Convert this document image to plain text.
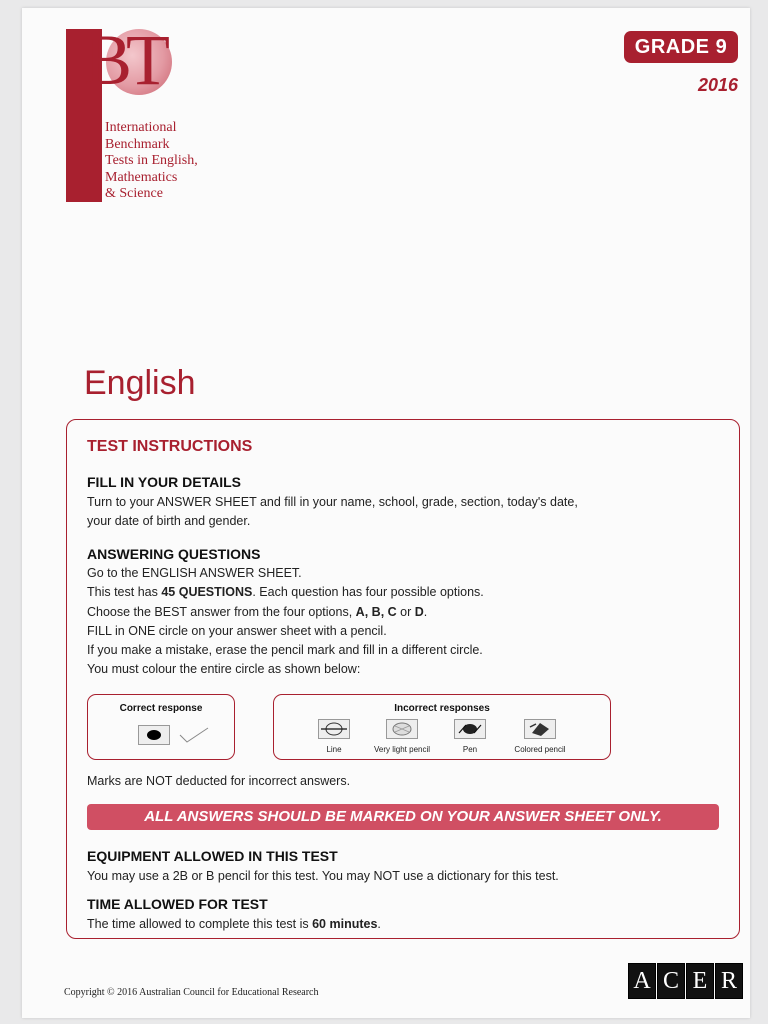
BT
International
Benchmark
Tests in English,
Mathematics
& Science
GRADE 9
2016
English
TEST INSTRUCTIONS
FILL IN YOUR DETAILS
Turn to your ANSWER SHEET and fill in your name, school, grade, section, today's date,
your date of birth and gender.
ANSWERING QUESTIONS
Go to the ENGLISH ANSWER SHEET.
This test has 45 QUESTIONS. Each question has four possible options.
Choose the BEST answer from the four options, A, B, C or D.
FILL in ONE circle on your answer sheet with a pencil.
If you make a mistake, erase the pencil mark and fill in a different circle.
You must colour the entire circle as shown below:
Correct response	Incorrect responses
Line	Very light pencil	Pen	Colored pencil
Marks are NOT deducted for incorrect answers.
ALL ANSWERS SHOULD BE MARKED ON YOUR ANSWER SHEET ONLY.
EQUIPMENT ALLOWED IN THIS TEST
You may use a 2B or B pencil for this test. You may NOT use a dictionary for this test.
TIME ALLOWED FOR TEST
The time allowed to complete this test is 60 minutes.
Copyright © 2016 Australian Council for Educational Research	A C E R
